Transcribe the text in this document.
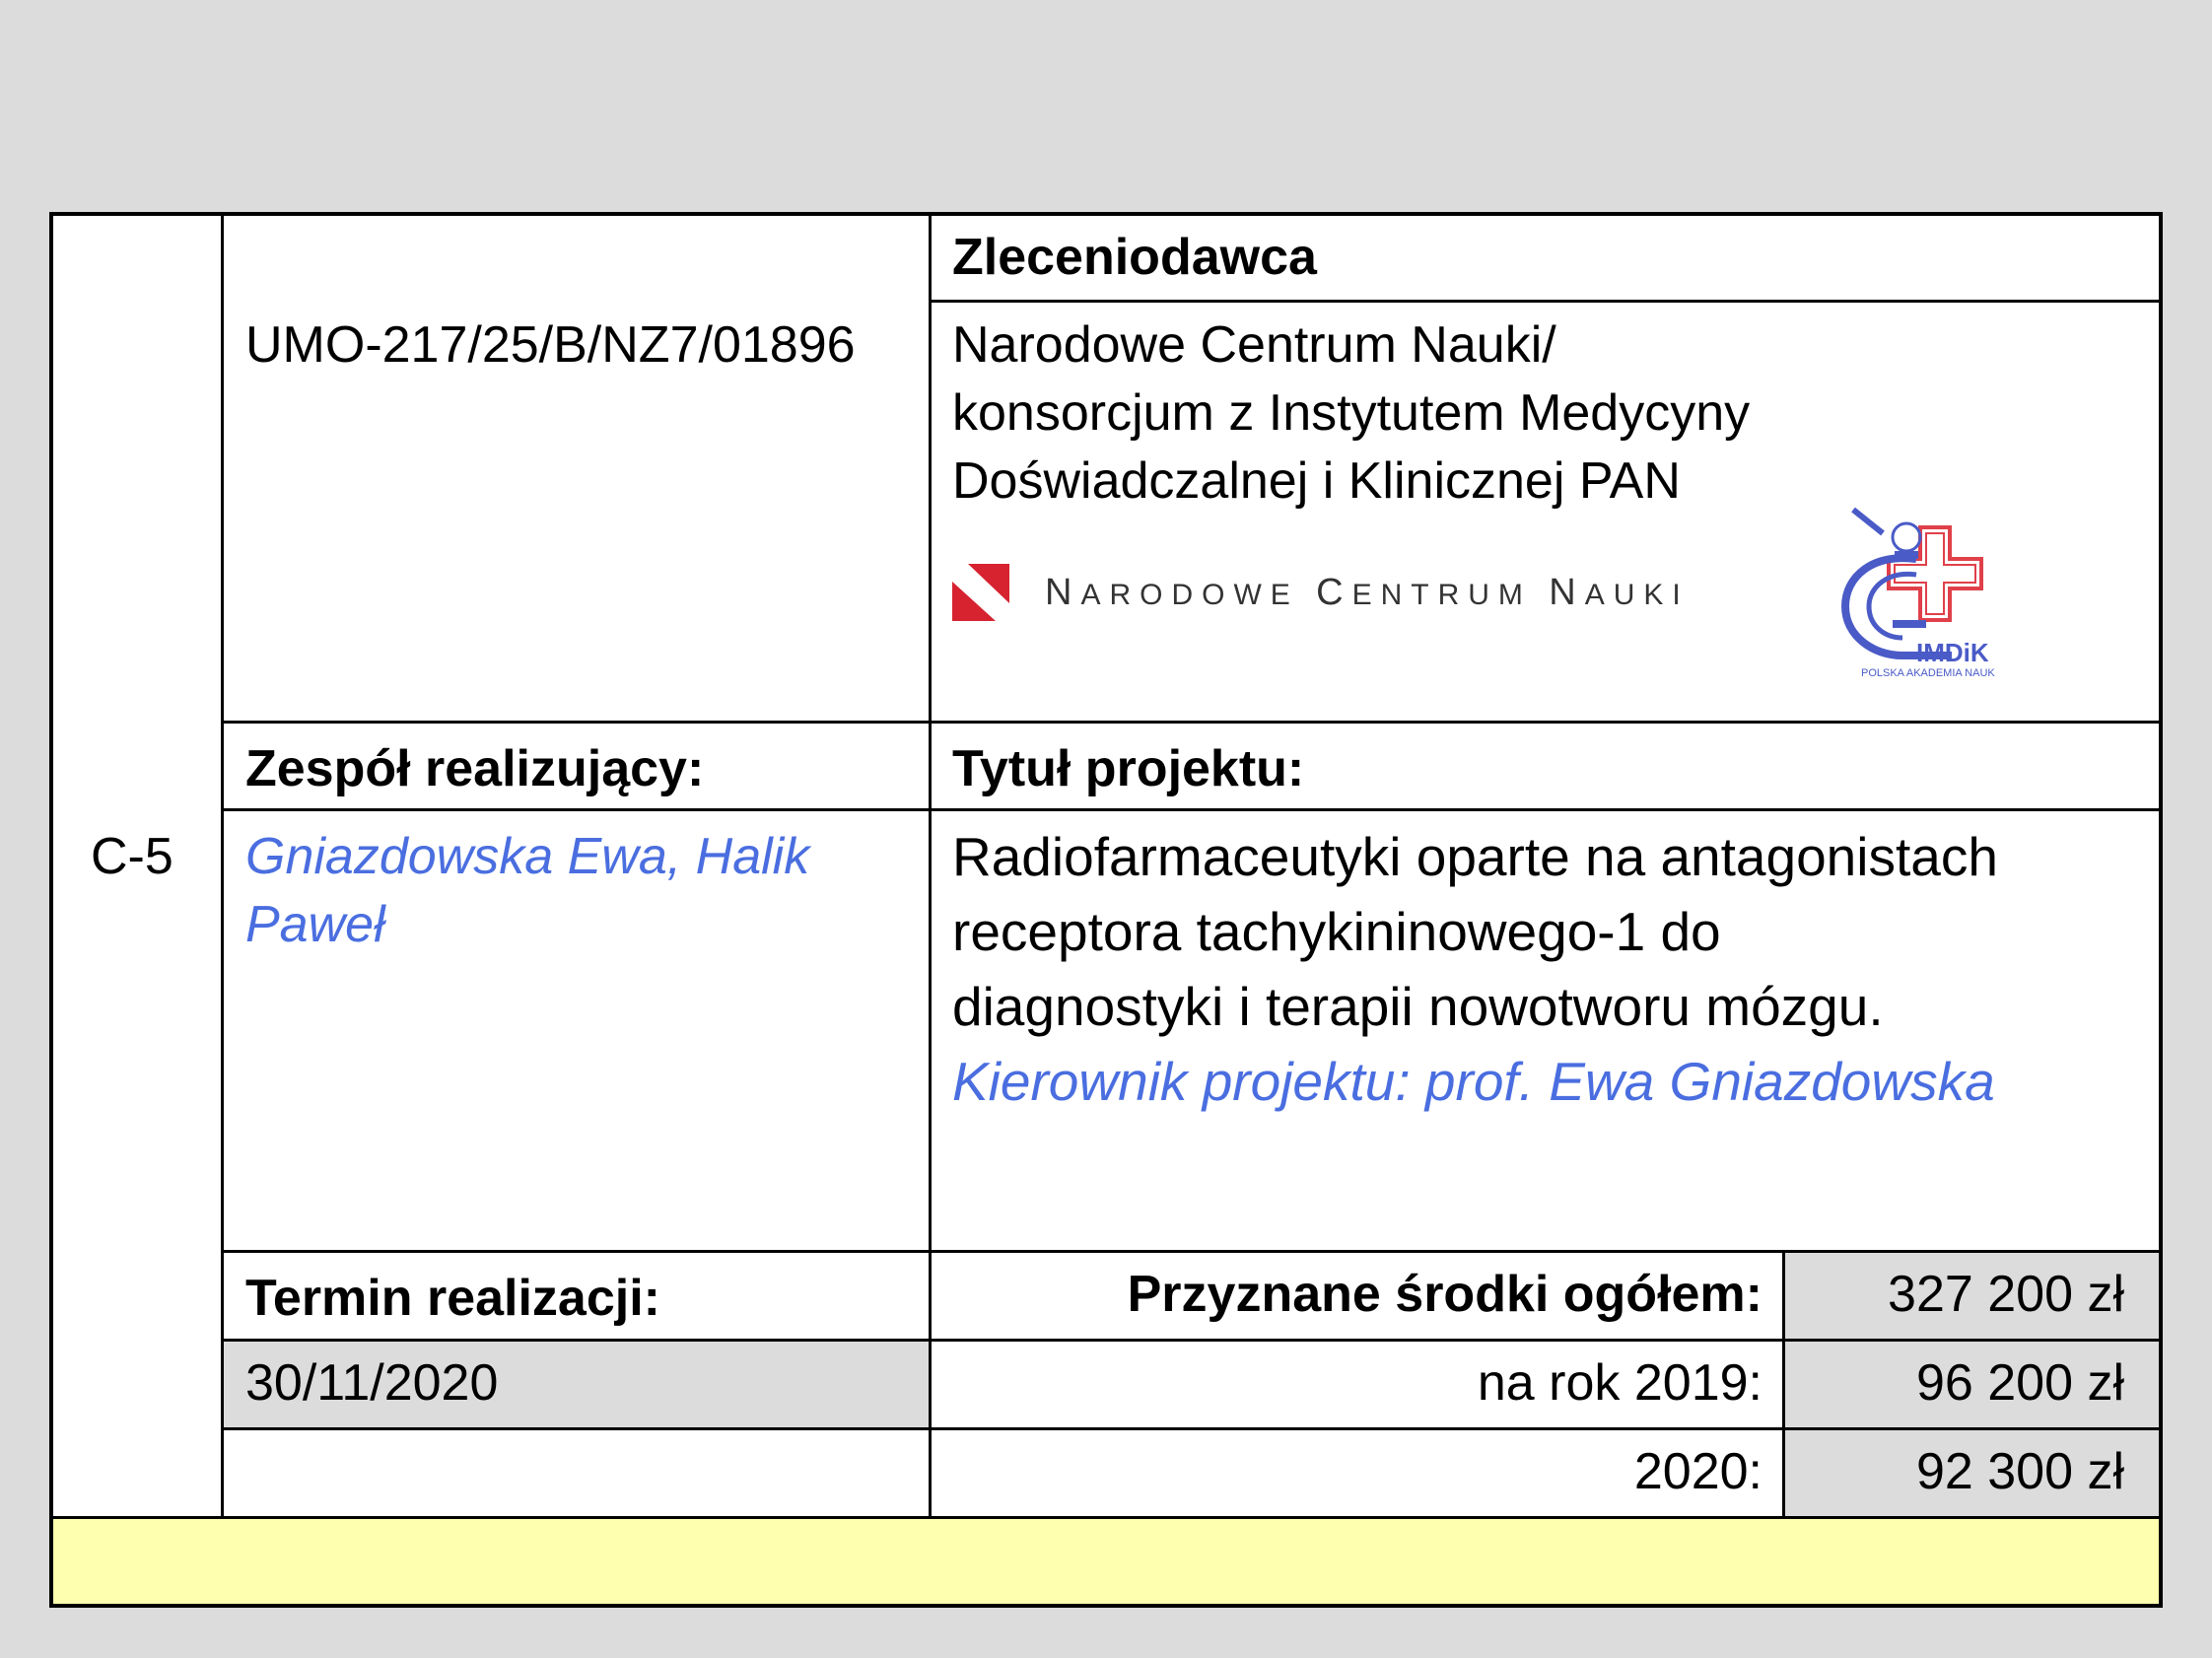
C-5
UMO-217/25/B/NZ7/01896
Zleceniodawca
Narodowe Centrum Nauki/
konsorcjum z Instytutem Medycyny
Doświadczalnej i Klinicznej PAN
NARODOWE CENTRUM NAUKI
IMDiK
POLSKA AKADEMIA NAUK
Zespół realizujący:
Gniazdowska Ewa, Halik
Paweł
Tytuł projektu:
Radiofarmaceutyki oparte na antagonistach
receptora tachykininowego-1 do
diagnostyki i terapii nowotworu mózgu.
Kierownik projektu: prof. Ewa Gniazdowska
Termin realizacji:
30/11/2020
Przyznane środki ogółem:	327 200 zł
na rok 2019:	96 200 zł
2020:	92 300 zł
